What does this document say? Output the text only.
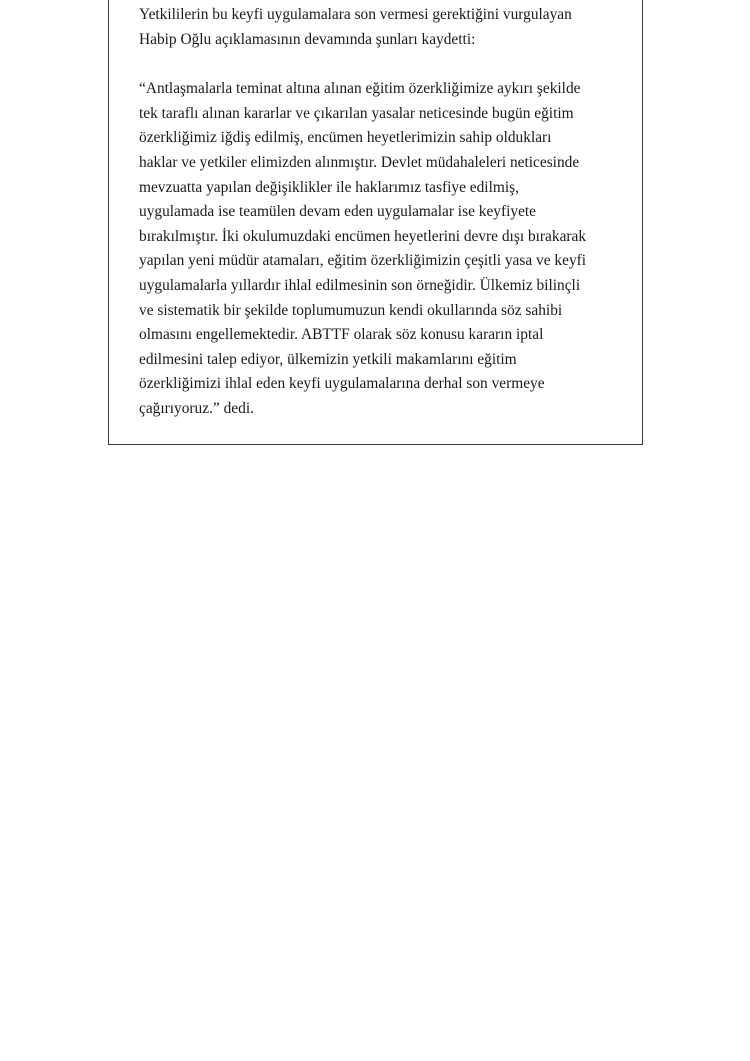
Yetkililerin bu keyfi uygulamalara son vermesi gerektiğini vurgulayan
Habip Oğlu açıklamasının devamında şunları kaydetti:

“Antlaşmalarla teminat altına alınan eğitim özerkliğimize aykırı şekilde
tek taraflı alınan kararlar ve çıkarılan yasalar neticesinde bugün eğitim
özerkliğimiz iğdiş edilmiş, encümen heyetlerimizin sahip oldukları
haklar ve yetkiler elimizden alınmıştır. Devlet müdahaleleri neticesinde
mevzuatta yapılan değişiklikler ile haklarımız tasfiye edilmiş,
uygulamada ise teamülen devam eden uygulamalar ise keyfiyete
bırakılmıştır. İki okulumuzdaki encümen heyetlerini devre dışı bırakarak
yapılan yeni müdür atamaları, eğitim özerkliğimizin çeşitli yasa ve keyfi
uygulamalarla yıllardır ihlal edilmesinin son örneğidir. Ülkemiz bilinçli
ve sistematik bir şekilde toplumumuzun kendi okullarında söz sahibi
olmasını engellemektedir. ABTTF olarak söz konusu kararın iptal
edilmesini talep ediyor, ülkemizin yetkili makamlarını eğitim
özerkliğimizi ihlal eden keyfi uygulamalarına derhal son vermeye
çağırıyoruz.” dedi.
